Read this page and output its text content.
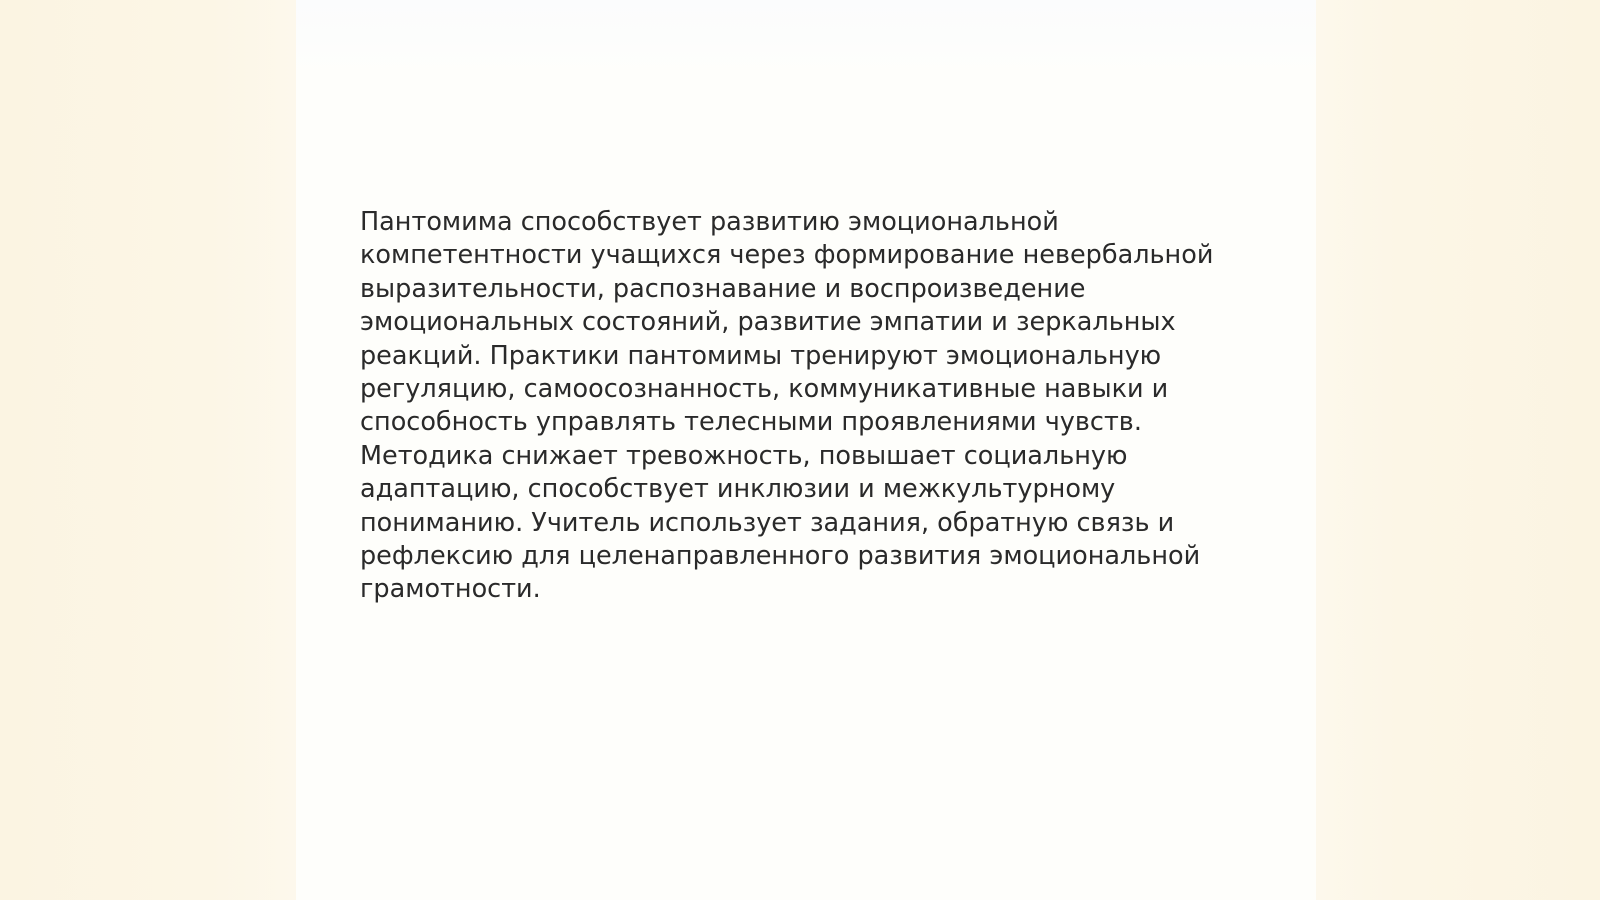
Пантомима способствует развитию эмоциональной
компетентности учащихся через формирование невербальной
выразительности, распознавание и воспроизведение
эмоциональных состояний, развитие эмпатии и зеркальных
реакций. Практики пантомимы тренируют эмоциональную
регуляцию, самоосознанность, коммуникативные навыки и
способность управлять телесными проявлениями чувств.
Методика снижает тревожность, повышает социальную
адаптацию, способствует инклюзии и межкультурному
пониманию. Учитель использует задания, обратную связь и
рефлексию для целенаправленного развития эмоциональной
грамотности.
